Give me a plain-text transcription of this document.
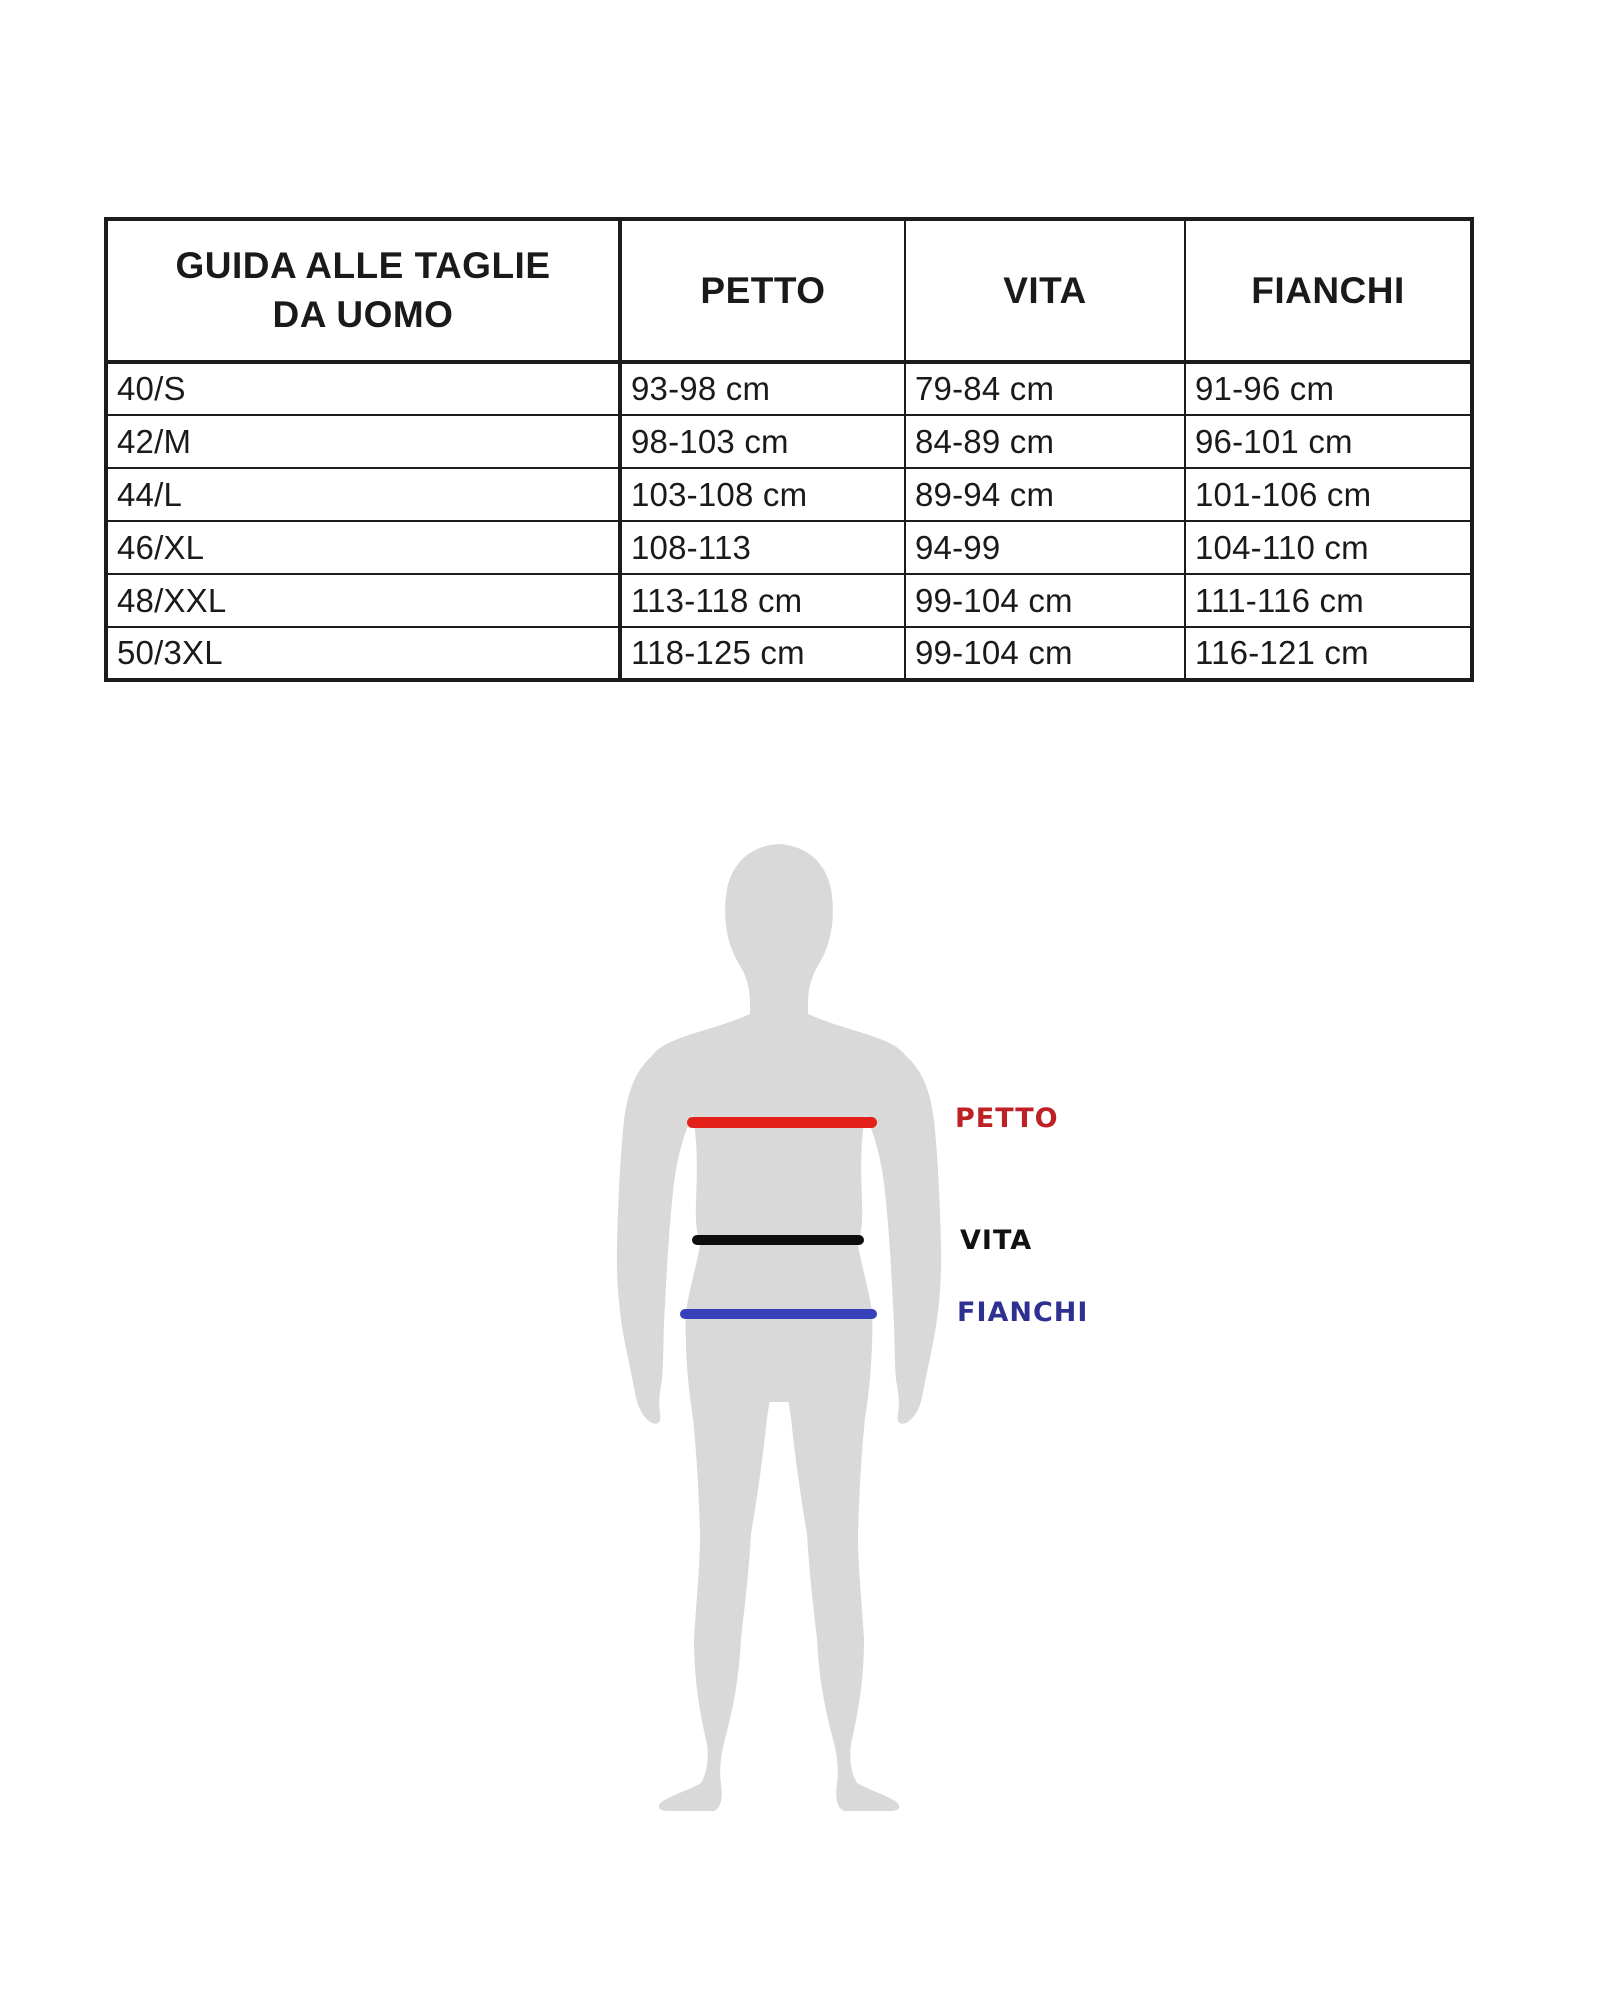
GUIDA ALLE TAGLIE
DA UOMO	PETTO	VITA	FIANCHI
40/S	93-98 cm	79-84 cm	91-96 cm
42/M	98-103 cm	84-89 cm	96-101 cm
44/L	103-108 cm	89-94 cm	101-106 cm
46/XL	108-113	94-99	104-110 cm
48/XXL	113-118 cm	99-104 cm	111-116 cm
50/3XL	118-125 cm	99-104 cm	116-121 cm
PETTO
VITA
FIANCHI
